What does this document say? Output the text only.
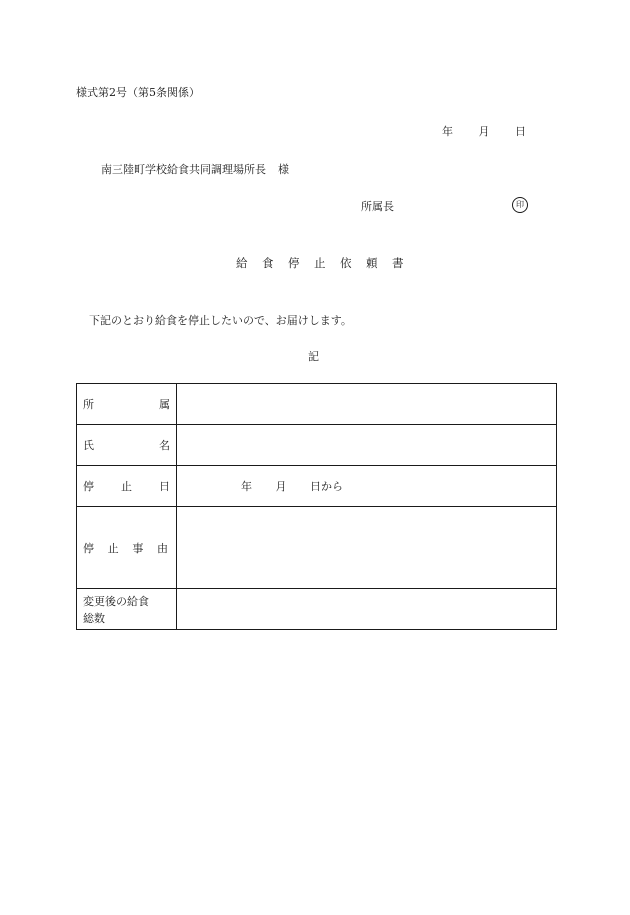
様式第2号（第5条関係）
年 月 日
南三陸町学校給食共同調理場所長 様
所属長	印
給食停止依頼書
下記のとおり給食を停止したいので、お届けします。
記
所 属	

氏 名	

停 止 日	年 月 日から

停 止 事 由	

変更後の給食
総数	
